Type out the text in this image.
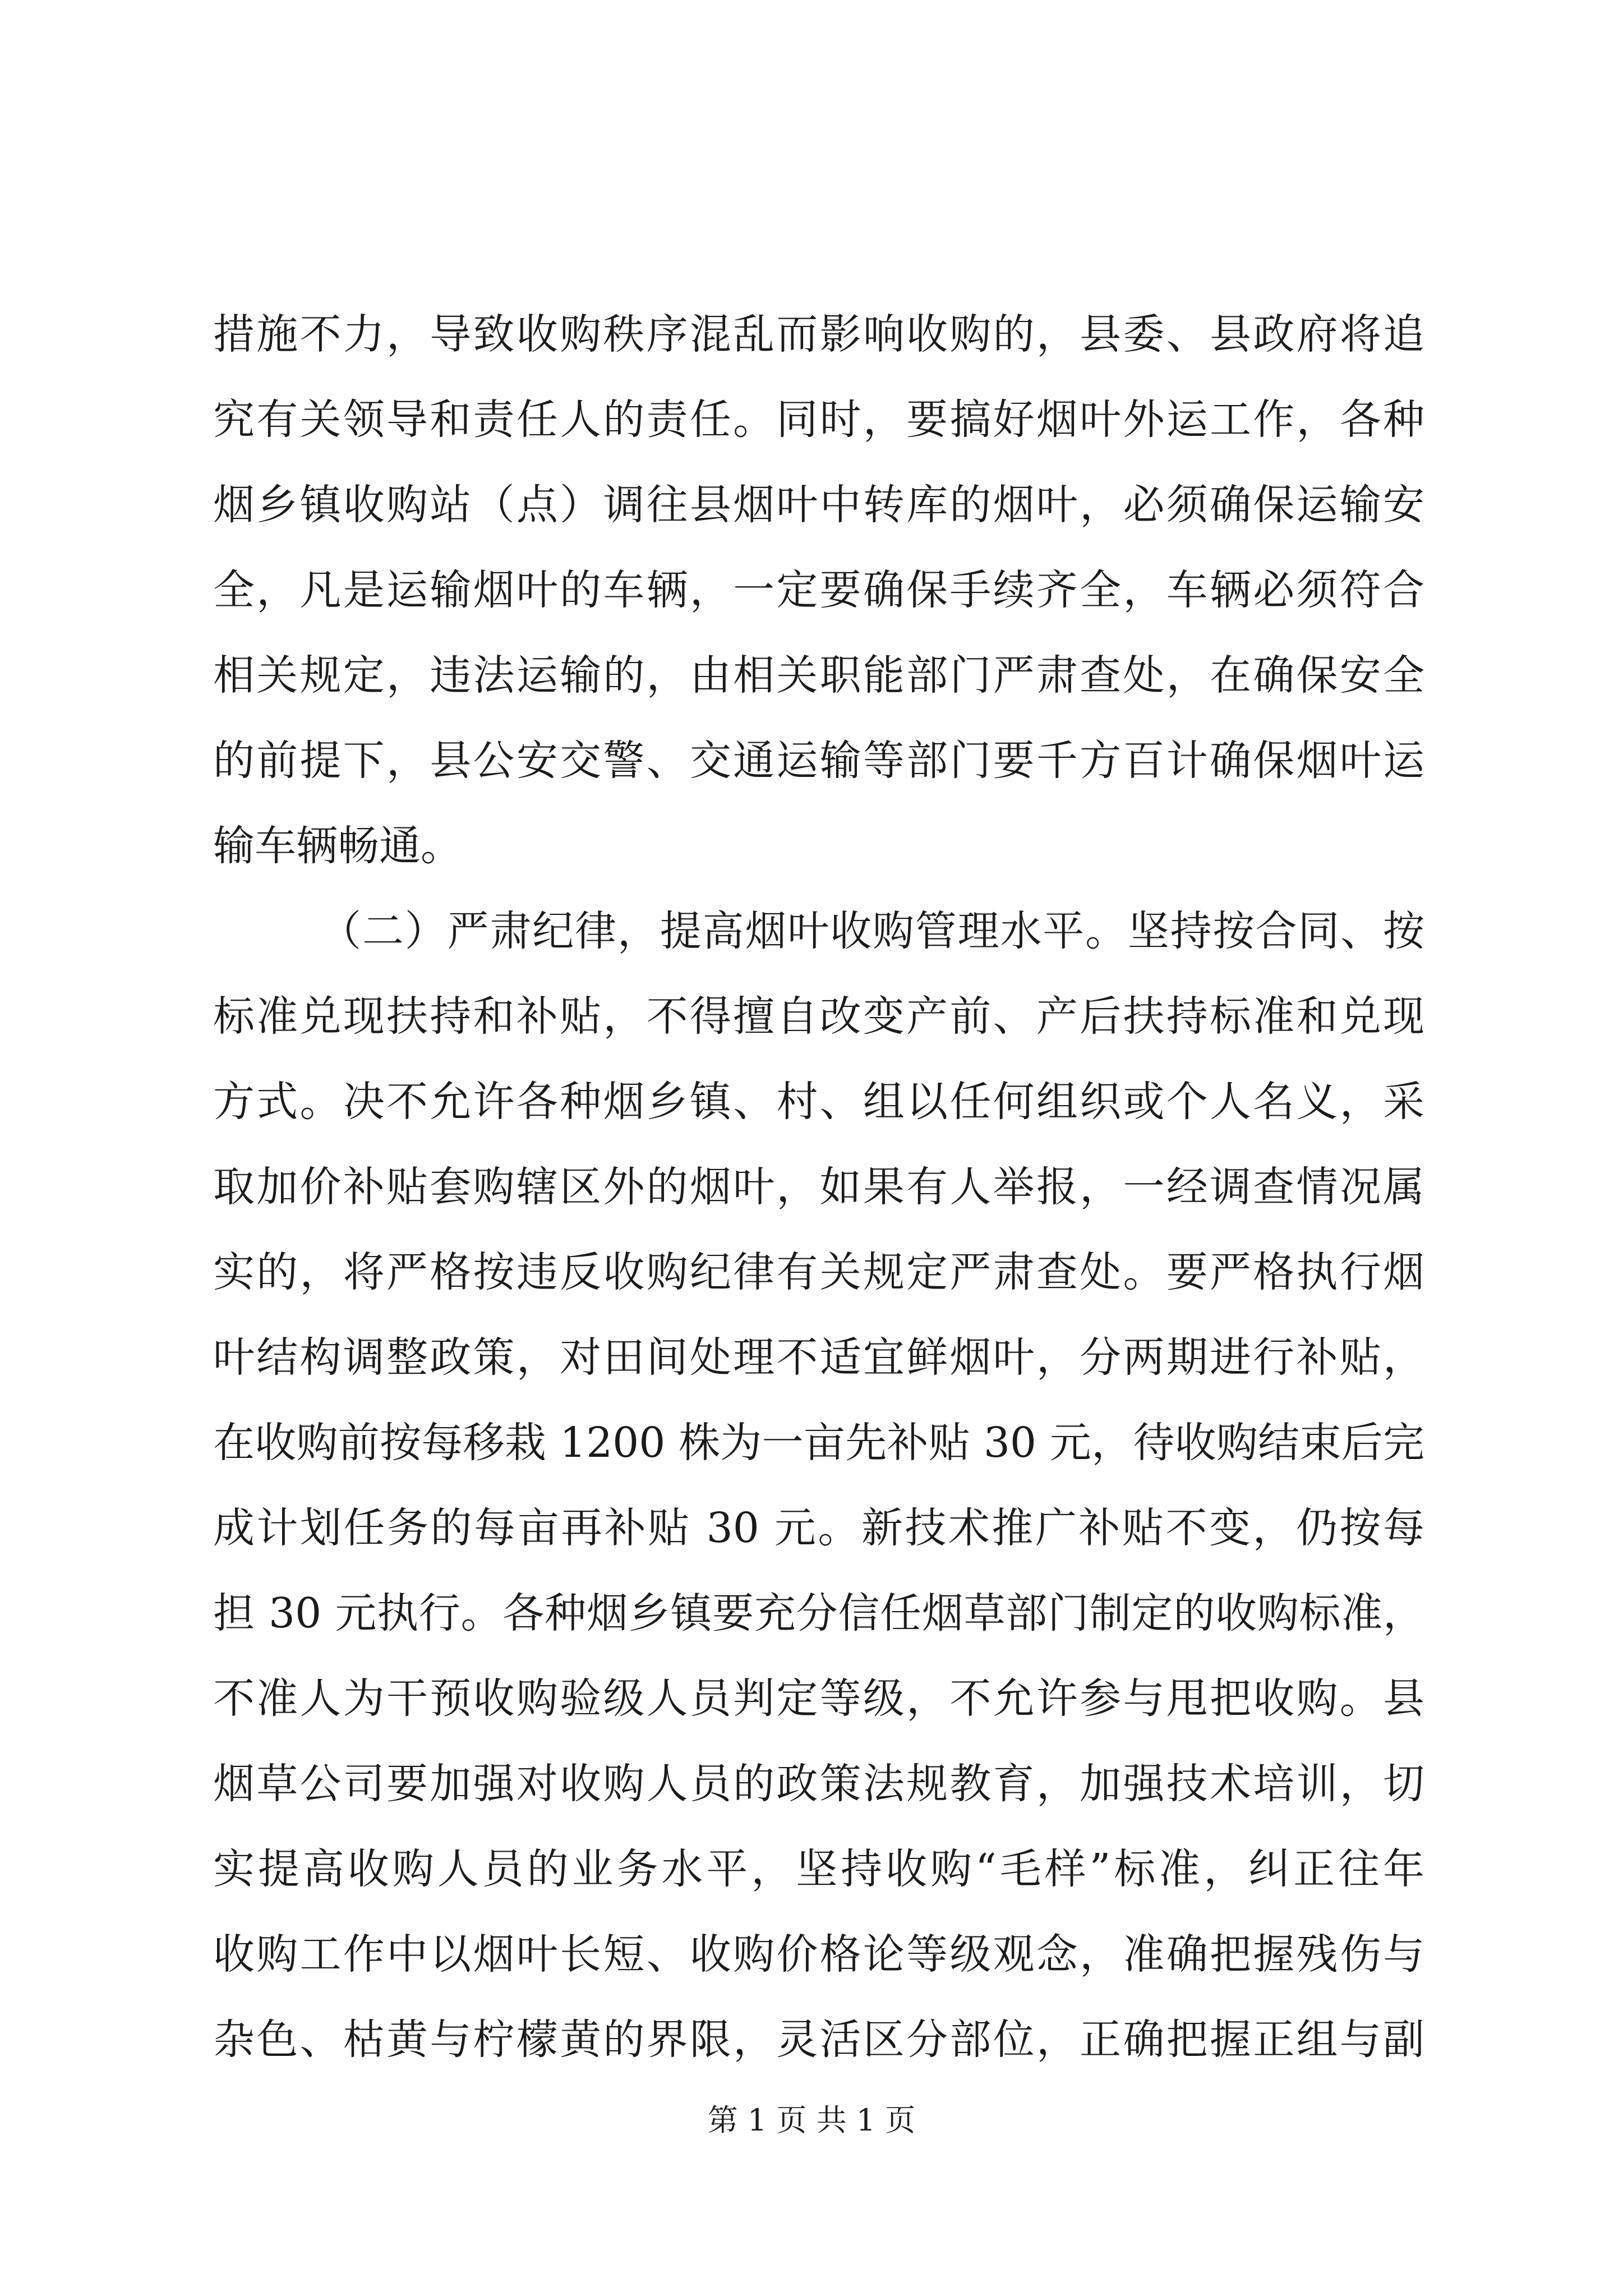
措施不力，导致收购秩序混乱而影响收购的，县委、县政府将追
究有关领导和责任人的责任。同时，要搞好烟叶外运工作，各种
烟乡镇收购站（点）调往县烟叶中转库的烟叶，必须确保运输安
全，凡是运输烟叶的车辆，一定要确保手续齐全，车辆必须符合
相关规定，违法运输的，由相关职能部门严肃查处，在确保安全
的前提下，县公安交警、交通运输等部门要千方百计确保烟叶运
输车辆畅通。
（二）严肃纪律，提高烟叶收购管理水平。坚持按合同、按
标准兑现扶持和补贴，不得擅自改变产前、产后扶持标准和兑现
方式。决不允许各种烟乡镇、村、组以任何组织或个人名义，采
取加价补贴套购辖区外的烟叶，如果有人举报，一经调查情况属
实的，将严格按违反收购纪律有关规定严肃查处。要严格执行烟
叶结构调整政策，对田间处理不适宜鲜烟叶，分两期进行补贴，
在收购前按每移栽 1200 株为一亩先补贴 30 元，待收购结束后完
成计划任务的每亩再补贴 30 元。新技术推广补贴不变，仍按每
担 30 元执行。各种烟乡镇要充分信任烟草部门制定的收购标准，
不准人为干预收购验级人员判定等级，不允许参与甩把收购。县
烟草公司要加强对收购人员的政策法规教育，加强技术培训，切
实提高收购人员的业务水平，坚持收购“毛样”标准，纠正往年
收购工作中以烟叶长短、收购价格论等级观念，准确把握残伤与
杂色、枯黄与柠檬黄的界限，灵活区分部位，正确把握正组与副
第 1 页 共 1 页
